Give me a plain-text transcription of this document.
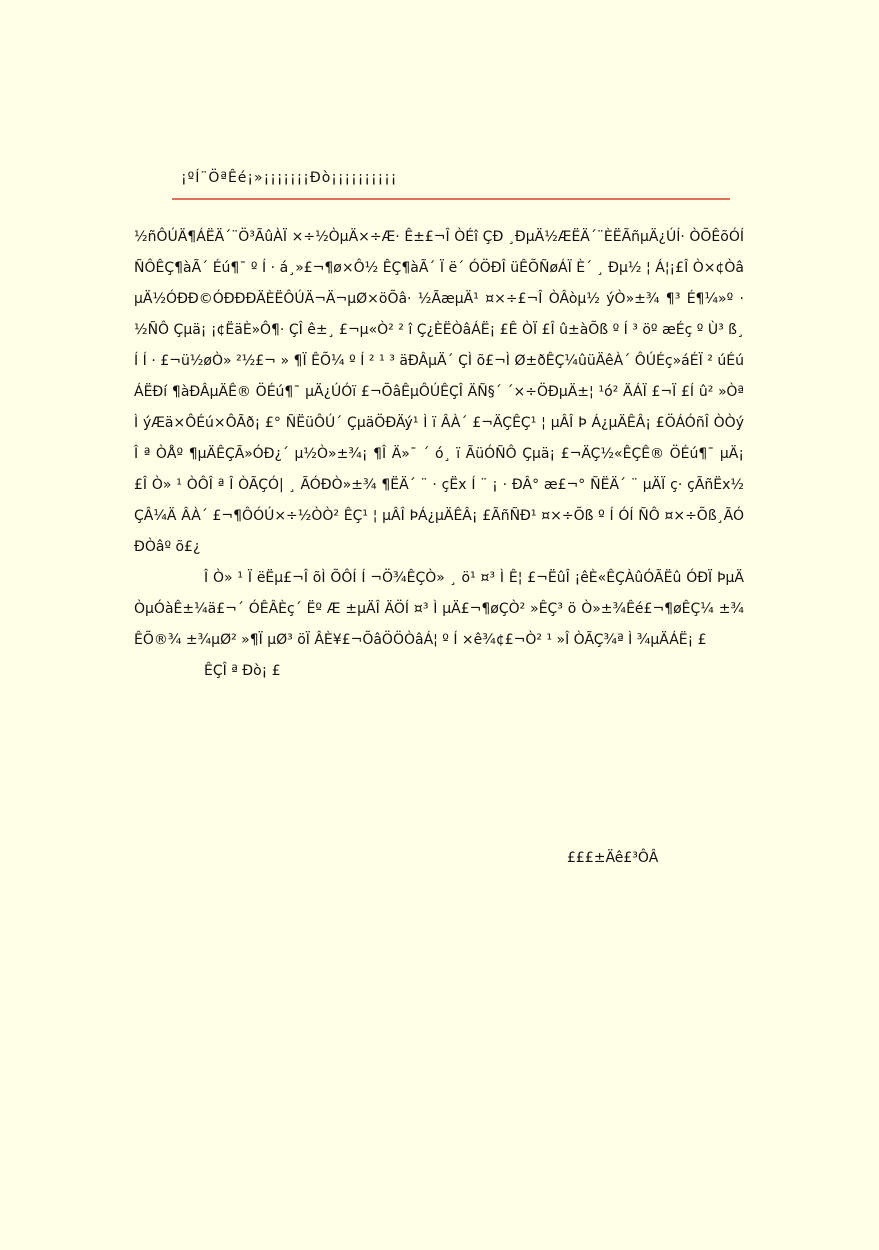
¡ºÍ¨ÖªÊé¡»¡¡¡¡¡¡¡Ðò¡¡¡¡¡¡¡¡¡¡

½ñÔÚÄ¶ÁËÄ´¨Ö³ÃûÀÏ ×÷½ÒµÄ×÷Æ· Ê±£¬Î ÒÉî ÇÐ ¸ÐµÄ½ÆËÄ´¨ÈËÃñµÄ¿ÚÍ· ÒÕÊõÓÍ ÑÔÊÇ¶àÃ´ Éú¶¯ º Í · á¸»£¬¶ø×Ô½ ÊÇ¶àÃ´ Ï ë´ ÓÖÐÎ üÊÕÑøÁÏ È´ ¸ Ðµ½ ¦ Á¦¡£Î Ò×¢ÒâµÄ½ÓÐÐ©ÓÐÐÐÄÈËÔÚÄ¬Ä¬µØ×öÕâ· ½ÃæµÄ¹ ¤×÷£¬Î ÒÂòµ½ ýÒ»±¾ ¶³ É¶¼»º · ½ÑÔ Çµä¡ ¡¢ËäÈ»Ô¶· ÇÎ ê±¸ £¬µ«Ò² ² î Ç¿ÈËÒâÁË¡ £Ê ÒÏ £Î û±àÕß º Í ³ öº æÉç º Ù³ ß¸ Í Í · £¬ü½øÒ» ²½£¬ » ¶Ï ÊÕ¼ º Í ² ¹ ³ äÐÂµÄ´ ÇÌ õ£¬Ì Ø±ðÊÇ¼ûüÄêÀ´ ÔÚÉç»áÉÏ ² úÉúÁËÐí ¶àÐÂµÄÊ® ÖÉú¶¯ µÄ¿ÚÓï £¬ÕâÊµÔÚÊÇÎ ÄÑ§´ ´×÷ÖÐµÄ±¦ ¹ó² ÄÁÏ £¬Ï £Í û² »Òª Ì ýÆä×ÔÉú×ÔÃð¡ £° ÑËüÔÚ´ ÇµäÖÐÄý¹ Ì ï ÂÀ´ £¬ÄÇÊÇ¹ ¦ µÂÎ Þ Á¿µÄÊÂ¡ £ÖÁÓñÎ ÒÒý Î ª ÒÅº ¶µÄÊÇÃ»ÓÐ¿´ µ½Ò»±¾¡ ¶Î Ä»¯ ´ ó¸ ï ÃüÓÑÔ Çµä¡ £¬ÄÇ½«ÊÇÊ® ÖÉú¶¯ µÄ¡ £Î Ò» ¹ ÒÔÎ ª Î ÒÃÇÓ| ¸ ÃÓÐÒ»±¾ ¶ËÄ´ ¨ · çËx Í ¨ ¡ · ÐÂ° æ£¬° ÑËÄ´ ¨ µÄÏ ç· çÃñËx½ÇÂ¼Ä ÂÀ´ £¬¶ÔÓÚ×÷½ÒÒ² ÊÇ¹ ¦ µÂÎ ÞÁ¿µÄÊÂ¡ £ÃñÑÐ¹ ¤×÷Õß º Í ÓÍ ÑÔ ¤×÷Õß¸ÃÓÐÒâº õ£¿

Î Ò» ¹ Ï ëËµ£¬Î õÌ ÕÔÍ Í ¬Ö¾ÊÇÒ» ¸ ö¹ ¤³ Ì Ê¦ £¬ËûÎ ¡êÈ«ÊÇÀûÓÃËû ÓÐÏ ÞµÄÒµÓàÊ±¼ä£¬´ ÓÊÂÈç´ Ëº Æ ±µÄÎ ÄÖÍ ¤³ Ì µÄ£¬¶øÇÒ² »ÊÇ³ ö Ò»±¾Êé£¬¶øÊÇ¼ ±¾ÊÕ®¾ ±¾µØ² »¶Ï µØ³ öÏ ÂÈ¥£¬ÕâÖÖÒâÁ¦ º Í ×ê¾¢£¬Ò² ¹ »Î ÒÃÇ¾ª Ì ¾µÄÁË¡ £

ÊÇÎ ª Ðò¡ £

£££±Äê£³ÔÂ
